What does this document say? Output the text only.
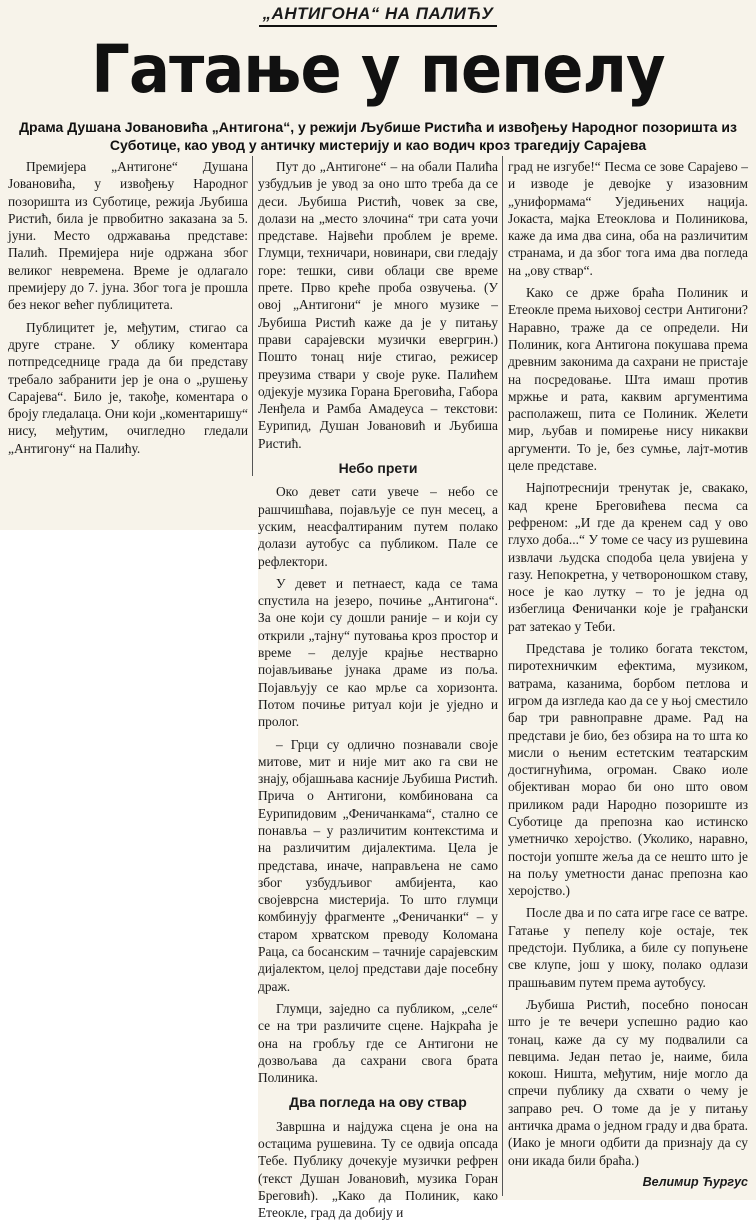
„АНТИГОНА“ НА ПАЛИЋУ
Гатање у пепелу
Драма Душана Јовановића „Антигона“, у режији Љубише Ристића и извођењу Народног позоришта из Суботице, као увод у античку мистерију и као водич кроз трагедију Сарајева

Премијера „Антигоне“ Душана Јовановића, у извођењу Народног позоришта из Суботице, режија Љубиша Ристић, била је првобитно заказана за 5. јуни. Место одржавања представе: Палић. Премијера није одржана због великог невремена. Време је одлагало премијеру до 7. јуна. Због тога је прошла без неког већег публицитета.

Публицитет је, међутим, стигао са друге стране. У облику коментара потпредседнице града да би представу требало забранити јер је она о „рушењу Сарајева“. Било је, такође, коментара о броју гледалаца. Они који „коментаришу“ нису, међутим, очигледно гледали „Антигону“ на Палићу.

Пут до „Антигоне“ – на обали Палића узбудљив је увод за оно што треба да се деси. Љубиша Ристић, човек за све, долази на „место злочина“ три сата уочи представе. Највећи проблем је време. Глумци, техничари, новинари, сви гледају горе: тешки, сиви облаци све време прете. Прво креће проба озвучења. (У овој „Антигони“ је много музике – Љубиша Ристић каже да је у питању прави сарајевски музички евергрин.) Пошто тонац није стигао, режисер преузима ствари у своје руке. Палићем одјекује музика Горана Бреговића, Габора Ленђела и Рамба Амадеуса – текстови: Еурипид, Душан Јовановић и Љубиша Ристић.

Небо прети

Око девет сати увече – небо се рашчишћава, појављује се пун месец, а уским, неасфалтираним путем полако долази аутобус са публиком. Пале се рефлектори.

У девет и петнаест, када се тама спустила на језеро, почиње „Антигона“. За оне који су дошли раније – и који су открили „тајну“ путовања кроз простор и време – делује крајње нестварно појављивање јунака драме из поља. Појављују се као мрље са хоризонта. Потом почиње ритуал који је уједно и пролог.

– Грци су одлично познавали своје митове, мит и није мит ако га сви не знају, објашњава касније Љубиша Ристић. Прича о Антигони, комбинована са Еурипидовим „Феничанкама“, стално се понавља – у различитим контекстима и на различитим дијалектима. Цела је представа, иначе, направљена не само због узбудљивог амбијента, као својеврсна мистерија. То што глумци комбинују фрагменте „Феничанки“ – у старом хрватском преводу Коломана Раца, са босанским – тачније сарајевским дијалектом, целој представи даје посебну драж.

Глумци, заједно са публиком, „селе“ се на три различите сцене. Најкраћа је она на гробљу где се Антигони не дозвољава да сахрани свога брата Полиника.

Два погледа на ову ствар

Завршна и најдужа сцена је она на остацима рушевина. Ту се одвија опсада Тебе. Публику дочекује музички рефрен (текст Душан Јовановић, музика Горан Бреговић). „Како да Полиник, како Етеокле, град да добију и

град не изгубе!“ Песма се зове Сарајево – и изводе је девојке у изазовним „униформама“ Уједињених нација. Јокаста, мајка Етеоклова и Полиникова, каже да има два сина, оба на различитим странама, и да због тога има два погледа на „ову ствар“.

Како се држе браћа Полиник и Етеокле према њиховој сестри Антигони? Наравно, траже да се определи. Ни Полиник, кога Антигона покушава према древним законима да сахрани не пристаје на посредовање. Шта имаш против мржње и рата, каквим аргументима располажеш, пита се Полиник. Желети мир, љубав и помирење нису никакви аргументи. То је, без сумње, лајт-мотив целе представе.

Најпотреснији тренутак је, свакако, кад крене Бреговићева песма са рефреном: „И где да кренем сад у ово глухо доба...“ У томе се часу из рушевина извлачи људска сподоба цела увијена у газу. Непокретна, у четвороношком ставу, носе је као лутку – то је једна од избеглица Феничанки које је грађански рат затекао у Теби.

Представа је толико богата текстом, пиротехничким ефектима, музиком, ватрама, казанима, борбом петлова и игром да изгледа као да се у њој сместило бар три равноправне драме. Рад на представи је био, без обзира на то шта ко мисли о њеним естетским театарским достигнућима, огроман. Свако иоле објективан морао би оно што овом приликом ради Народно позориште из Суботице да препозна као истинско уметничко херојство. (Уколико, наравно, постоји уопште жеља да се нешто што је на пољу уметности данас препозна као херојство.)

После два и по сата игре гасе се ватре. Гатање у пепелу које остаје, тек предстоји. Публика, а биле су попуњене све клупе, још у шоку, полако одлази прашњавим путем према аутобусу.

Љубиша Ристић, посебно поносан што је те вечери успешно радио као тонац, каже да су му подвалили са певцима. Један петао је, наиме, била кокош. Ништа, међутим, није могло да спречи публику да схвати о чему је заправо реч. О томе да је у питању античка драма о једном граду и два брата. (Иако је многи одбити да признају да су они икада били браћа.)

Велимир Ћургус
